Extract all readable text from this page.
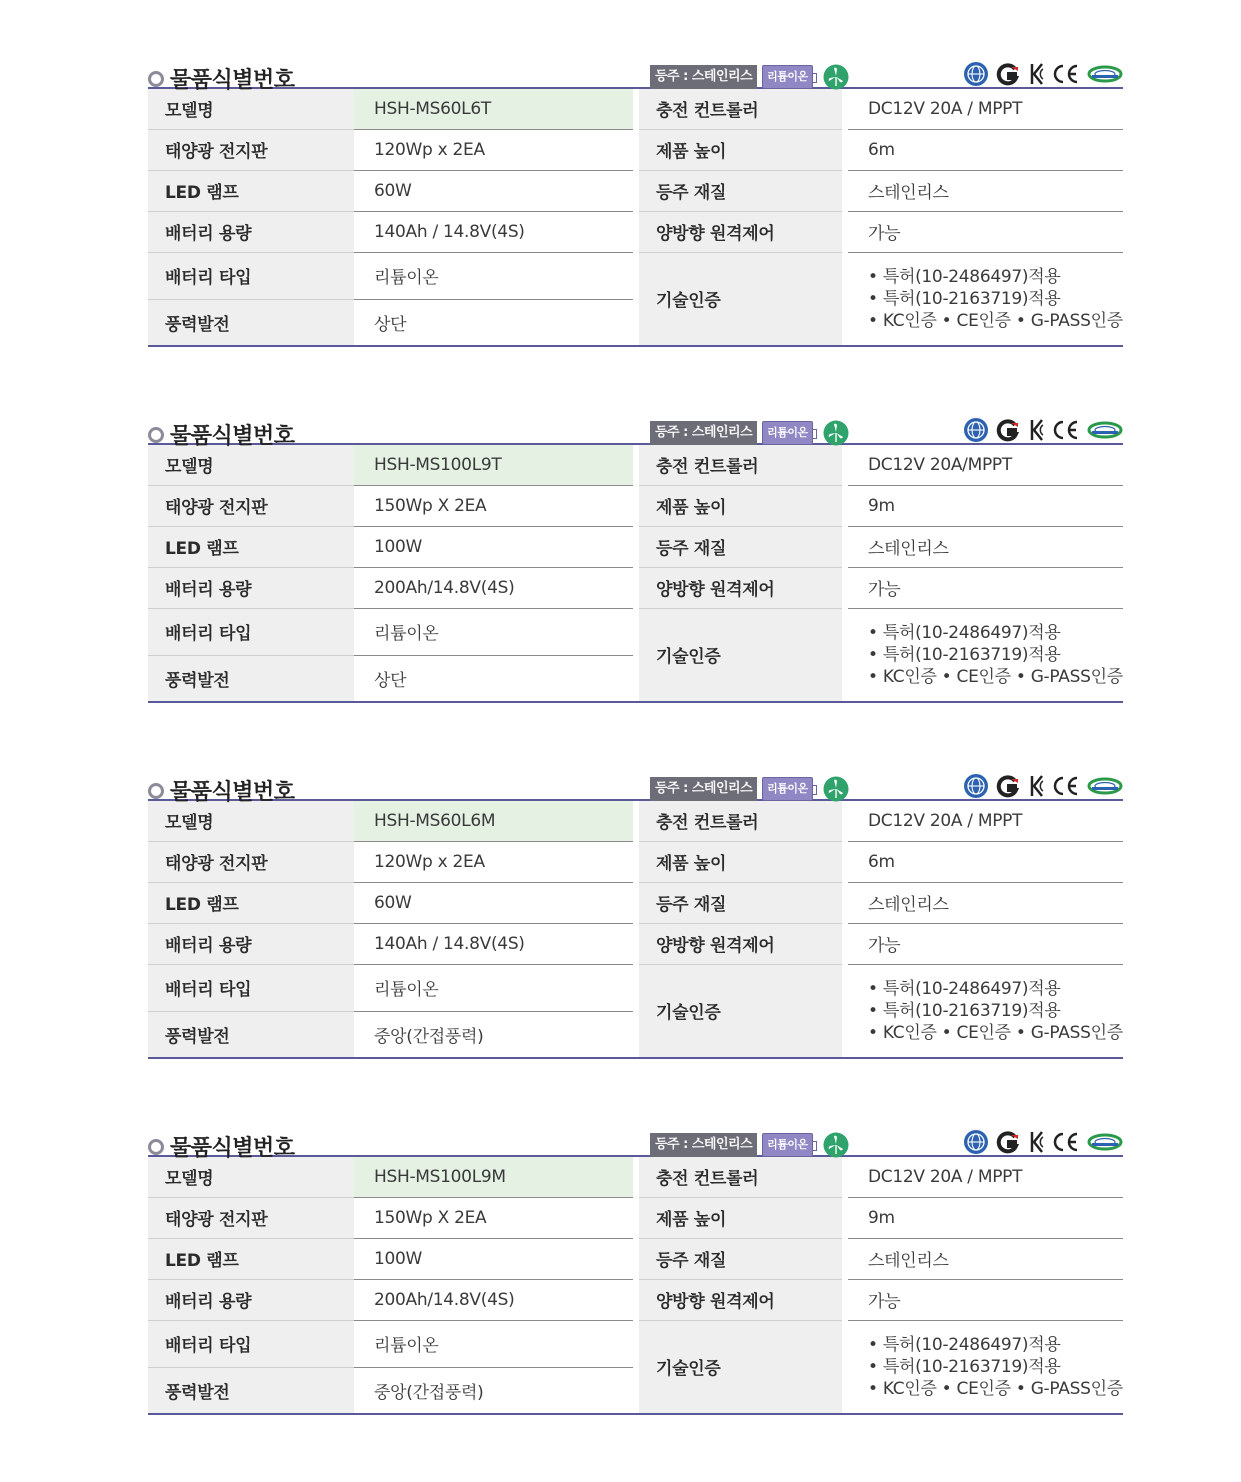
물품식별번호	등주 : 스테인리스	리튬이온
모델명	HSH-MS60L6T		충전 컨트롤러		DC12V 20A / MPPT
태양광 전지판	120Wp x 2EA		제품 높이		6m
LED 램프	60W		등주 재질		스테인리스
배터리 용량	140Ah / 14.8V(4S)		양방향 원격제어		가능
배터리 타입	리튬이온		기술인증		• 특허(10-2486497)적용
• 특허(10-2163719)적용
• KC인증 • CE인증 • G-PASS인증

풍력발전	상단				
물품식별번호	등주 : 스테인리스	리튬이온
모델명	HSH-MS100L9T		충전 컨트롤러		DC12V 20A/MPPT
태양광 전지판	150Wp X 2EA		제품 높이		9m
LED 램프	100W		등주 재질		스테인리스
배터리 용량	200Ah/14.8V(4S)		양방향 원격제어		가능
배터리 타입	리튬이온		기술인증		• 특허(10-2486497)적용
• 특허(10-2163719)적용
• KC인증 • CE인증 • G-PASS인증

풍력발전	상단				
물품식별번호	등주 : 스테인리스	리튬이온
모델명	HSH-MS60L6M		충전 컨트롤러		DC12V 20A / MPPT
태양광 전지판	120Wp x 2EA		제품 높이		6m
LED 램프	60W		등주 재질		스테인리스
배터리 용량	140Ah / 14.8V(4S)		양방향 원격제어		가능
배터리 타입	리튬이온		기술인증		• 특허(10-2486497)적용
• 특허(10-2163719)적용
• KC인증 • CE인증 • G-PASS인증

풍력발전	중앙(간접풍력)				
물품식별번호	등주 : 스테인리스	리튬이온
모델명	HSH-MS100L9M		충전 컨트롤러		DC12V 20A / MPPT
태양광 전지판	150Wp X 2EA		제품 높이		9m
LED 램프	100W		등주 재질		스테인리스
배터리 용량	200Ah/14.8V(4S)		양방향 원격제어		가능
배터리 타입	리튬이온		기술인증		• 특허(10-2486497)적용
• 특허(10-2163719)적용
• KC인증 • CE인증 • G-PASS인증

풍력발전	중앙(간접풍력)				
